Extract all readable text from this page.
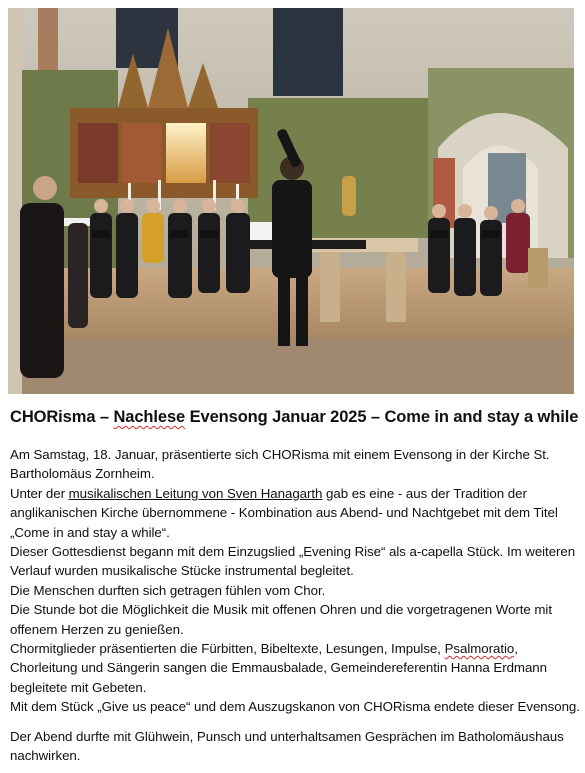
CHORisma – Nachlese Evensong Januar 2025 – Come in and stay a while

Am Samstag, 18. Januar, präsentierte sich CHORisma mit einem Evensong in der Kirche St. Bartholomäus Zornheim.

Unter der musikalischen Leitung von Sven Hanagarth gab es eine - aus der Tradition der anglikanischen Kirche übernommene - Kombination aus Abend- und Nachtgebet mit dem Titel „Come in and stay a while“.

Dieser Gottesdienst begann mit dem Einzugslied „Evening Rise“ als a-capella Stück. Im weiteren Verlauf wurden musikalische Stücke instrumental begleitet.

Die Menschen durften sich getragen fühlen vom Chor.

Die Stunde bot die Möglichkeit die Musik mit offenen Ohren und die vorgetragenen Worte mit offenem Herzen zu genießen.

Chormitglieder präsentierten die Fürbitten, Bibeltexte, Lesungen, Impulse, Psalmoratio, Chorleitung und Sängerin sangen die Emmausbalade, Gemeindereferentin Hanna Erdmann begleitete mit Gebeten.

Mit dem Stück „Give us peace“ und dem Auszugskanon von CHORisma endete dieser Evensong.

Der Abend durfte mit Glühwein, Punsch und unterhaltsamen Gesprächen im Batholomäushaus nachwirken.
